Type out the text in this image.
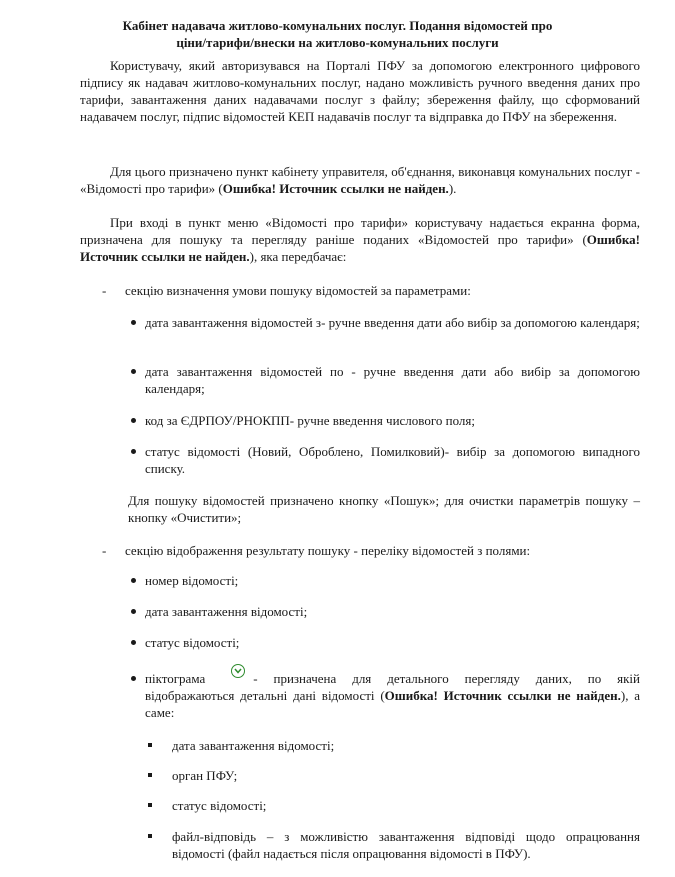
Кабінет надавача житлово-комунальних послуг. Подання відомостей про
ціни/тарифи/внески на житлово-комунальних послуги

Користувачу, який авторизувався на Порталі ПФУ за допомогою електронного цифрового підпису як надавач житлово-комунальних послуг, надано можливість ручного введення даних про тарифи, завантаження даних надавачами послуг з файлу; збереження файлу, що сформований надавачем послуг, підпис відомостей КЕП надавачів послуг та відправка до ПФУ на збереження.

Для цього призначено пункт кабінету управителя, об'єднання, виконавця комунальних послуг - «Відомості про тарифи» (Ошибка! Источник ссылки не найден.).

При вході в пункт меню «Відомості про тарифи» користувачу надається екранна форма, призначена для пошуку та перегляду раніше поданих «Відомостей про тарифи» (Ошибка! Источник ссылки не найден.), яка передбачає:

- секцію визначення умови пошуку відомостей за параметрами:
дата завантаження відомостей з- ручне введення дати або вибір за допомогою календаря;
дата завантаження відомостей по - ручне введення дати або вибір за допомогою календаря;
код за ЄДРПОУ/РНОКПП- ручне введення числового поля;
статус відомості (Новий, Оброблено, Помилковий)- вибір за допомогою випадного списку.
Для пошуку відомостей призначено кнопку «Пошук»; для очистки параметрів пошуку – кнопку «Очистити»;
- секцію відображення результату пошуку - переліку відомостей з полями:
номер відомості;
дата завантаження відомості;
статус відомості;
піктограма	- призначена для детального перегляду даних, по якій відображаються детальні дані відомості (Ошибка! Источник ссылки не найден.), а саме:
дата завантаження відомості;
орган ПФУ;
статус відомості;
файл-відповідь – з можливістю завантаження відповіді щодо опрацювання відомості (файл надається після опрацювання відомості в ПФУ).
